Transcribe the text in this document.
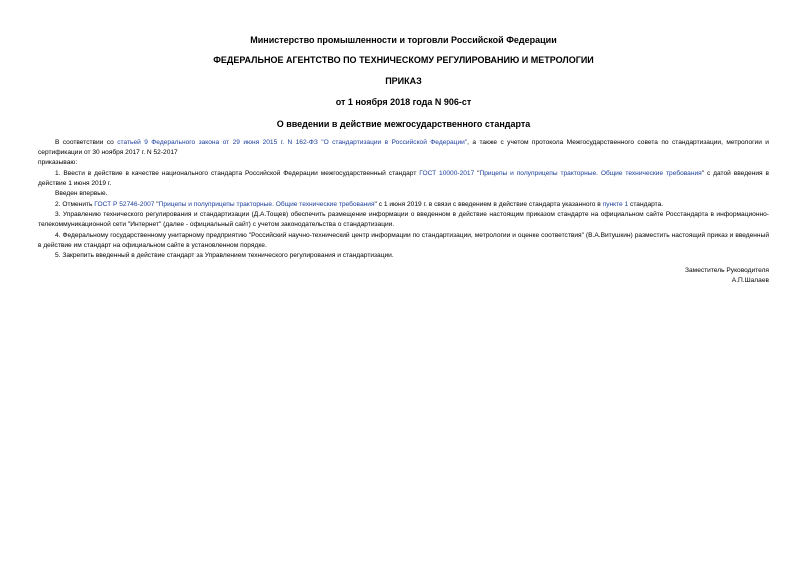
Министерство промышленности и торговли Российской Федерации

ФЕДЕРАЛЬНОЕ АГЕНТСТВО ПО ТЕХНИЧЕСКОМУ РЕГУЛИРОВАНИЮ И МЕТРОЛОГИИ

ПРИКАЗ

от 1 ноября 2018 года N 906-ст

О введении в действие межгосударственного стандарта

В соответствии со статьей 9 Федерального закона от 29 июня 2015 г. N 162-ФЗ "О стандартизации в Российской Федерации", а также с учетом протокола Межгосударственного совета по стандартизации, метрологии и сертификации от 30 ноября 2017 г. N 52-2017

приказываю:

1. Ввести в действие в качестве национального стандарта Российской Федерации межгосударственный стандарт ГОСТ 10000-2017 "Прицепы и полуприцепы тракторные. Общие технические требования" с датой введения в действие 1 июня 2019 г.

Введен впервые.

2. Отменить ГОСТ Р 52746-2007 "Прицепы и полуприцепы тракторные. Общие технические требования" с 1 июня 2019 г. в связи с введением в действие стандарта указанного в пункте 1 стандарта.

3. Управлению технического регулирования и стандартизации (Д.А.Тощев) обеспечить размещение информации о введенном в действие настоящим приказом стандарте на официальном сайте Росстандарта в информационно-телекоммуникационной сети "Интернет" (далее - официальный сайт) с учетом законодательства о стандартизации.

4. Федеральному государственному унитарному предприятию "Российский научно-технический центр информации по стандартизации, метрологии и оценке соответствия" (В.А.Витушкин) разместить настоящий приказ и введенный в действие им стандарт на официальном сайте в установленном порядке.

5. Закрепить введенный в действие стандарт за Управлением технического регулирования и стандартизации.

Заместитель Руководителя
А.П.Шалаев
